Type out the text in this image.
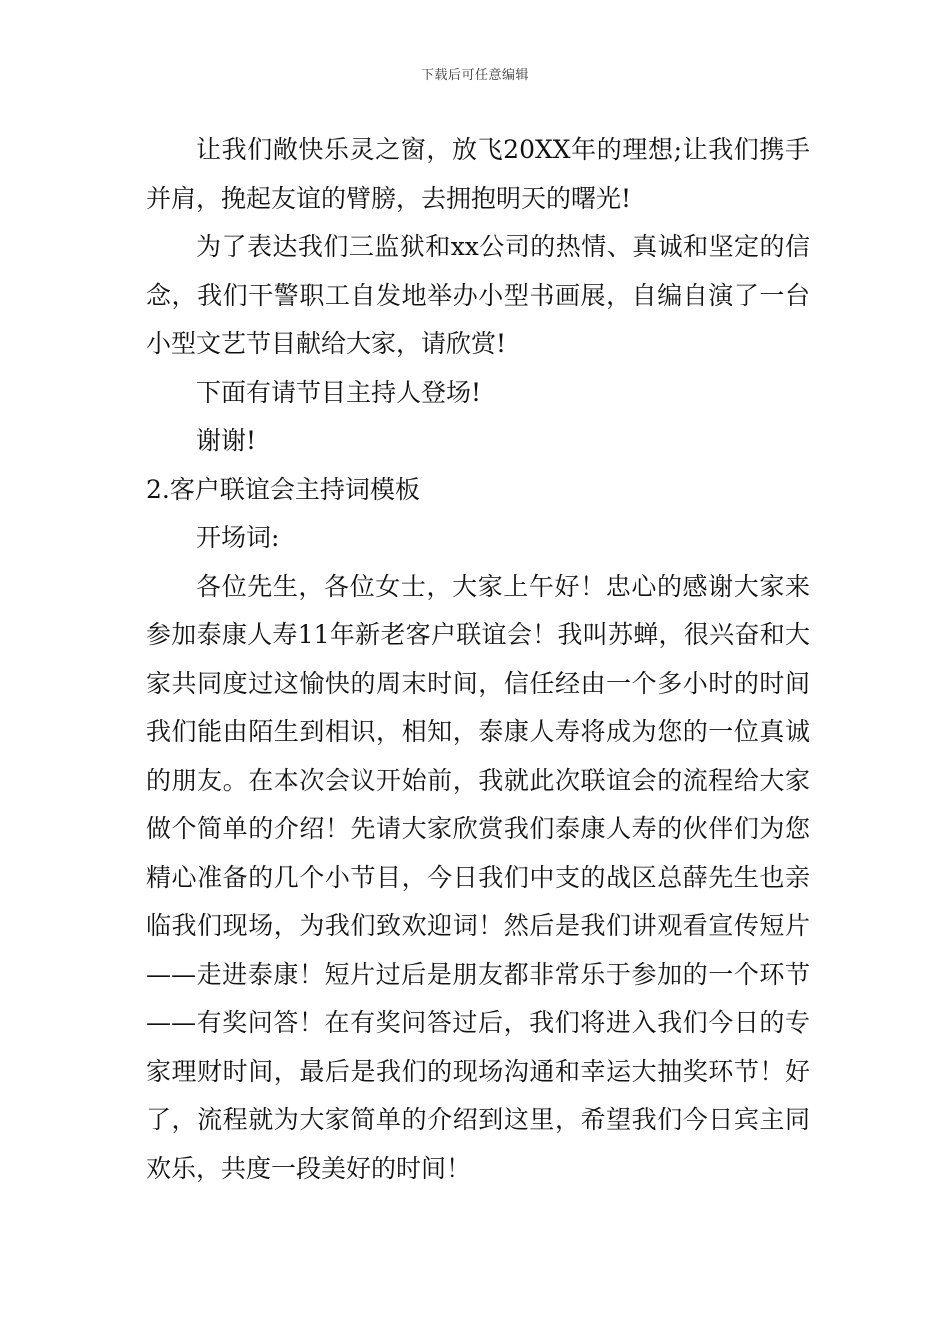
下载后可任意编辑

让我们敞快乐灵之窗，放飞20XX年的理想;让我们携手并肩，挽起友谊的臂膀，去拥抱明天的曙光!

为了表达我们三监狱和xx公司的热情、真诚和坚定的信念，我们干警职工自发地举办小型书画展，自编自演了一台小型文艺节目献给大家，请欣赏!

下面有请节目主持人登场!

谢谢!

2.客户联谊会主持词模板

开场词:

各位先生，各位女士，大家上午好！忠心的感谢大家来参加泰康人寿11年新老客户联谊会！我叫苏蝉，很兴奋和大家共同度过这愉快的周末时间，信任经由一个多小时的时间我们能由陌生到相识，相知，泰康人寿将成为您的一位真诚的朋友。在本次会议开始前，我就此次联谊会的流程给大家做个简单的介绍！先请大家欣赏我们泰康人寿的伙伴们为您精心准备的几个小节目，今日我们中支的战区总薛先生也亲临我们现场，为我们致欢迎词！然后是我们讲观看宣传短片——走进泰康！短片过后是朋友都非常乐于参加的一个环节——有奖问答！在有奖问答过后，我们将进入我们今日的专家理财时间，最后是我们的现场沟通和幸运大抽奖环节！好了，流程就为大家简单的介绍到这里，希望我们今日宾主同欢乐，共度一段美好的时间！
